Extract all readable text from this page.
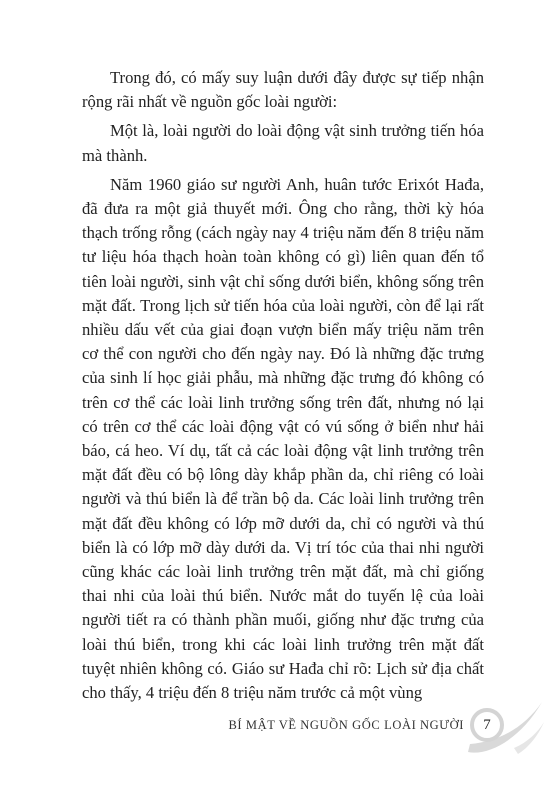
Trong đó, có mấy suy luận dưới đây được sự tiếp nhận rộng rãi nhất về nguồn gốc loài người:

Một là, loài người do loài động vật sinh trưởng tiến hóa mà thành.

Năm 1960 giáo sư người Anh, huân tước Erixót Hađa, đã đưa ra một giả thuyết mới. Ông cho rằng, thời kỳ hóa thạch trống rỗng (cách ngày nay 4 triệu năm đến 8 triệu năm tư liệu hóa thạch hoàn toàn không có gì) liên quan đến tổ tiên loài người, sinh vật chỉ sống dưới biển, không sống trên mặt đất. Trong lịch sử tiến hóa của loài người, còn để lại rất nhiều dấu vết của giai đoạn vượn biển mấy triệu năm trên cơ thể con người cho đến ngày nay. Đó là những đặc trưng của sinh lí học giải phẫu, mà những đặc trưng đó không có trên cơ thể các loài linh trưởng sống trên đất, nhưng nó lại có trên cơ thể các loài động vật có vú sống ở biển như hải báo, cá heo. Ví dụ, tất cả các loài động vật linh trưởng trên mặt đất đều có bộ lông dày khắp phần da, chỉ riêng có loài người và thú biển là để trần bộ da. Các loài linh trưởng trên mặt đất đều không có lớp mỡ dưới da, chỉ có người và thú biển là có lớp mỡ dày dưới da. Vị trí tóc của thai nhi người cũng khác các loài linh trưởng trên mặt đất, mà chỉ giống thai nhi của loài thú biển. Nước mắt do tuyến lệ của loài người tiết ra có thành phần muối, giống như đặc trưng của loài thú biển, trong khi các loài linh trưởng trên mặt đất tuyệt nhiên không có. Giáo sư Hađa chỉ rõ: Lịch sử địa chất cho thấy, 4 triệu đến 8 triệu năm trước cả một vùng

BÍ MẬT VỀ NGUỒN GỐC LOÀI NGƯỜI 7
